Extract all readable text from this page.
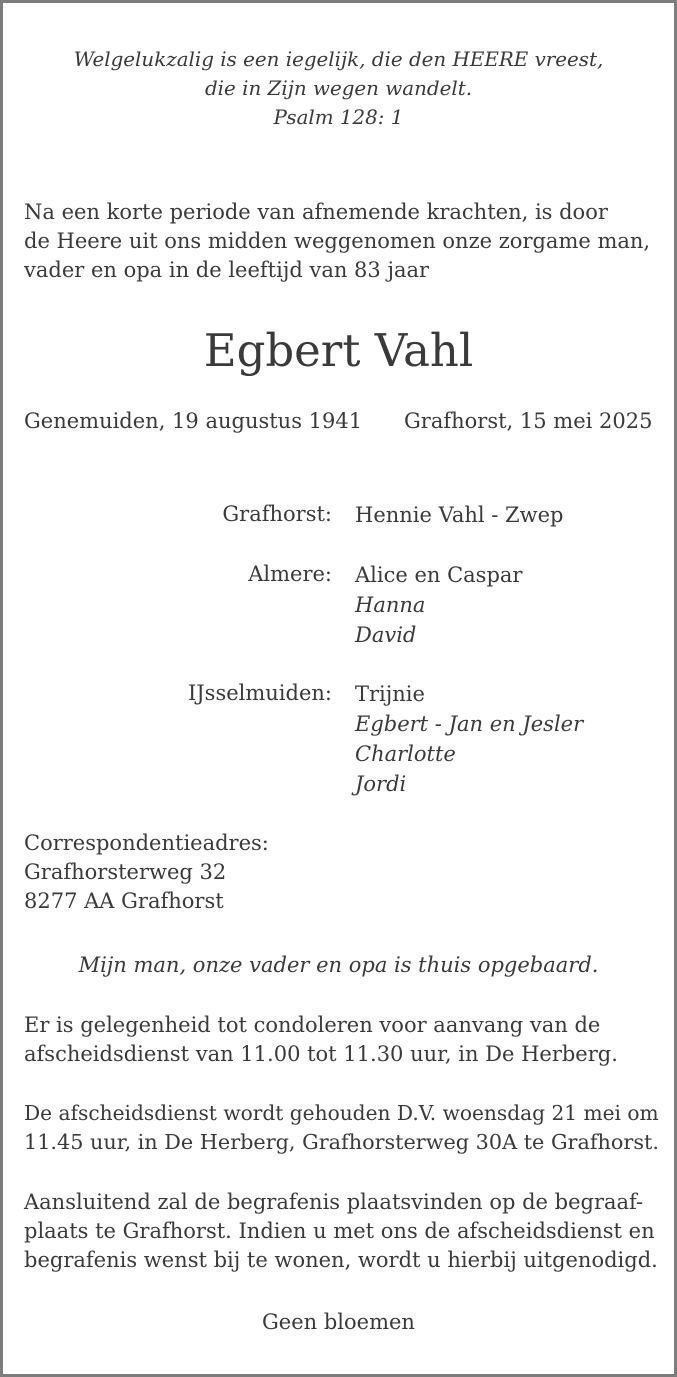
Welgelukzalig is een iegelijk, die den HEERE vreest,
die in Zijn wegen wandelt.
Psalm 128: 1
Na een korte periode van afnemende krachten, is door
de Heere uit ons midden weggenomen onze zorgame man,
vader en opa in de leeftijd van 83 jaar
Egbert Vahl
Genemuiden, 19 augustus 1941 Grafhorst, 15 mei 2025
Grafhorst: Hennie Vahl - Zwep
Almere: Alice en Caspar
Hanna
David
IJsselmuiden: Trijnie
Egbert - Jan en Jesler
Charlotte
Jordi
Correspondentieadres:
Grafhorsterweg 32
8277 AA Grafhorst
Mijn man, onze vader en opa is thuis opgebaard.
Er is gelegenheid tot condoleren voor aanvang van de
afscheidsdienst van 11.00 tot 11.30 uur, in De Herberg.
De afscheidsdienst wordt gehouden D.V. woensdag 21 mei om
11.45 uur, in De Herberg, Grafhorsterweg 30A te Grafhorst.
Aansluitend zal de begrafenis plaatsvinden op de begraaf-
plaats te Grafhorst. Indien u met ons de afscheidsdienst en
begrafenis wenst bij te wonen, wordt u hierbij uitgenodigd.
Geen bloemen
